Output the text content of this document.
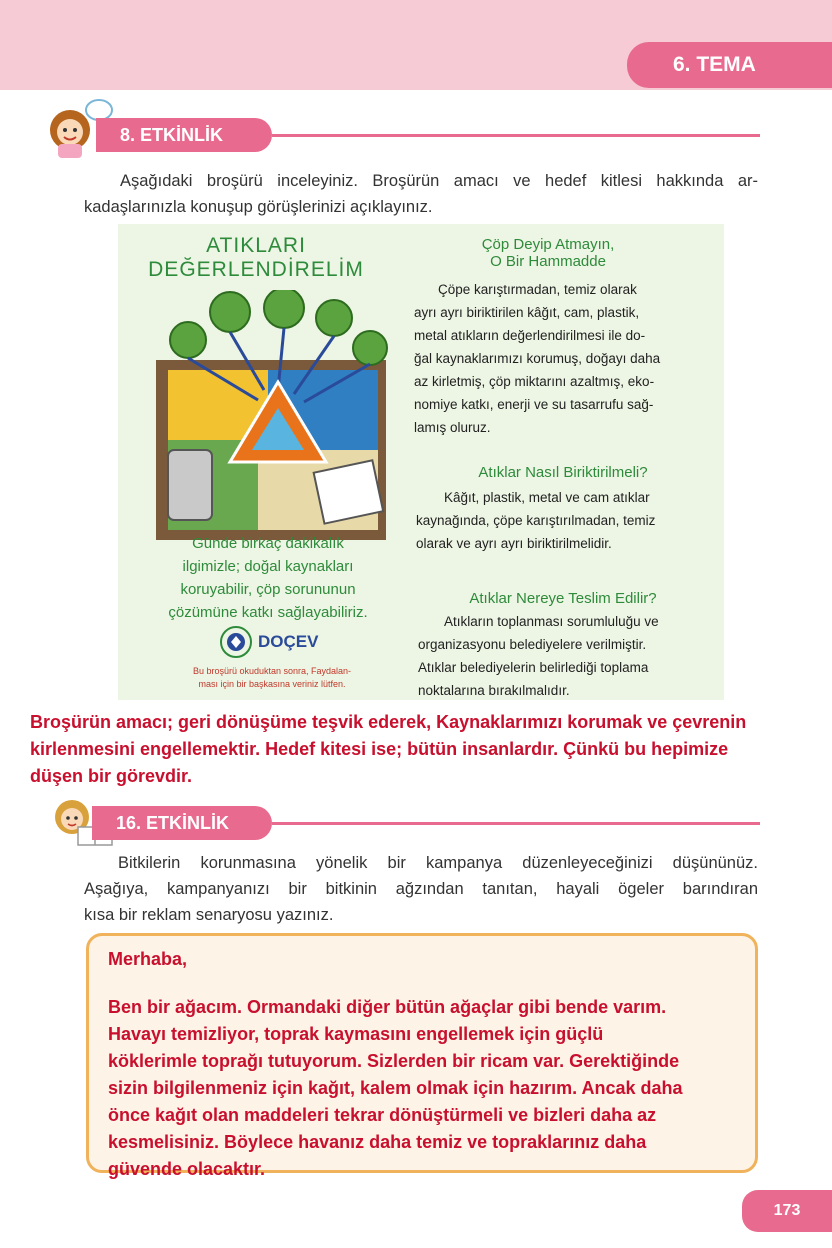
6. TEMA
8. ETKİNLİK
Aşağıdaki broşürü inceleyiniz. Broşürün amacı ve hedef kitlesi hakkında ar-
kadaşlarınızla konuşup görüşlerinizi açıklayınız.
ATIKLARI
DEĞERLENDİRELİM
Çöp Deyip Atmayın,
O Bir Hammadde
Çöpe karıştırmadan, temiz olarak
ayrı ayrı biriktirilen kâğıt, cam, plastik,
metal atıkların değerlendirilmesi ile do-
ğal kaynaklarımızı korumuş, doğayı daha
az kirletmiş, çöp miktarını azaltmış, eko-
nomiye katkı, enerji ve su tasarrufu sağ-
lamış oluruz.
Atıklar Nasıl Biriktirilmeli?
Kâğıt, plastik, metal ve cam atıklar
kaynağında, çöpe karıştırılmadan, temiz
olarak ve ayrı ayrı biriktirilmelidir.
Günde birkaç dakikalık
ilgimizle; doğal kaynakları
koruyabilir, çöp sorununun
çözümüne katkı sağlayabiliriz.
Atıklar Nereye Teslim Edilir?
Atıkların toplanması sorumluluğu ve
organizasyonu belediyelere verilmiştir.
Atıklar belediyelerin belirlediği toplama
noktalarına bırakılmalıdır.
DOÇEV
Bu broşürü okuduktan sonra, Faydalan-
ması için bir başkasına veriniz lütfen.
Broşürün amacı; geri dönüşüme teşvik ederek, Kaynaklarımızı korumak ve çevrenin
kirlenmesini engellemektir. Hedef kitesi ise; bütün insanlardır. Çünkü bu hepimize
düşen bir görevdir.
16. ETKİNLİK
Bitkilerin korunmasına yönelik bir kampanya düzenleyeceğinizi düşününüz.
Aşağıya, kampanyanızı bir bitkinin ağzından tanıtan, hayali ögeler barındıran
kısa bir reklam senaryosu yazınız.
Merhaba,
Ben bir ağacım. Ormandaki diğer bütün ağaçlar gibi bende varım.
Havayı temizliyor, toprak kaymasını engellemek için güçlü
köklerimle toprağı tutuyorum. Sizlerden bir ricam var. Gerektiğinde
sizin bilgilenmeniz için kağıt, kalem olmak için hazırım. Ancak daha
önce kağıt olan maddeleri tekrar dönüştürmeli ve bizleri daha az
kesmelisiniz. Böylece havanız daha temiz ve topraklarınız daha
güvende olacaktır.
173
